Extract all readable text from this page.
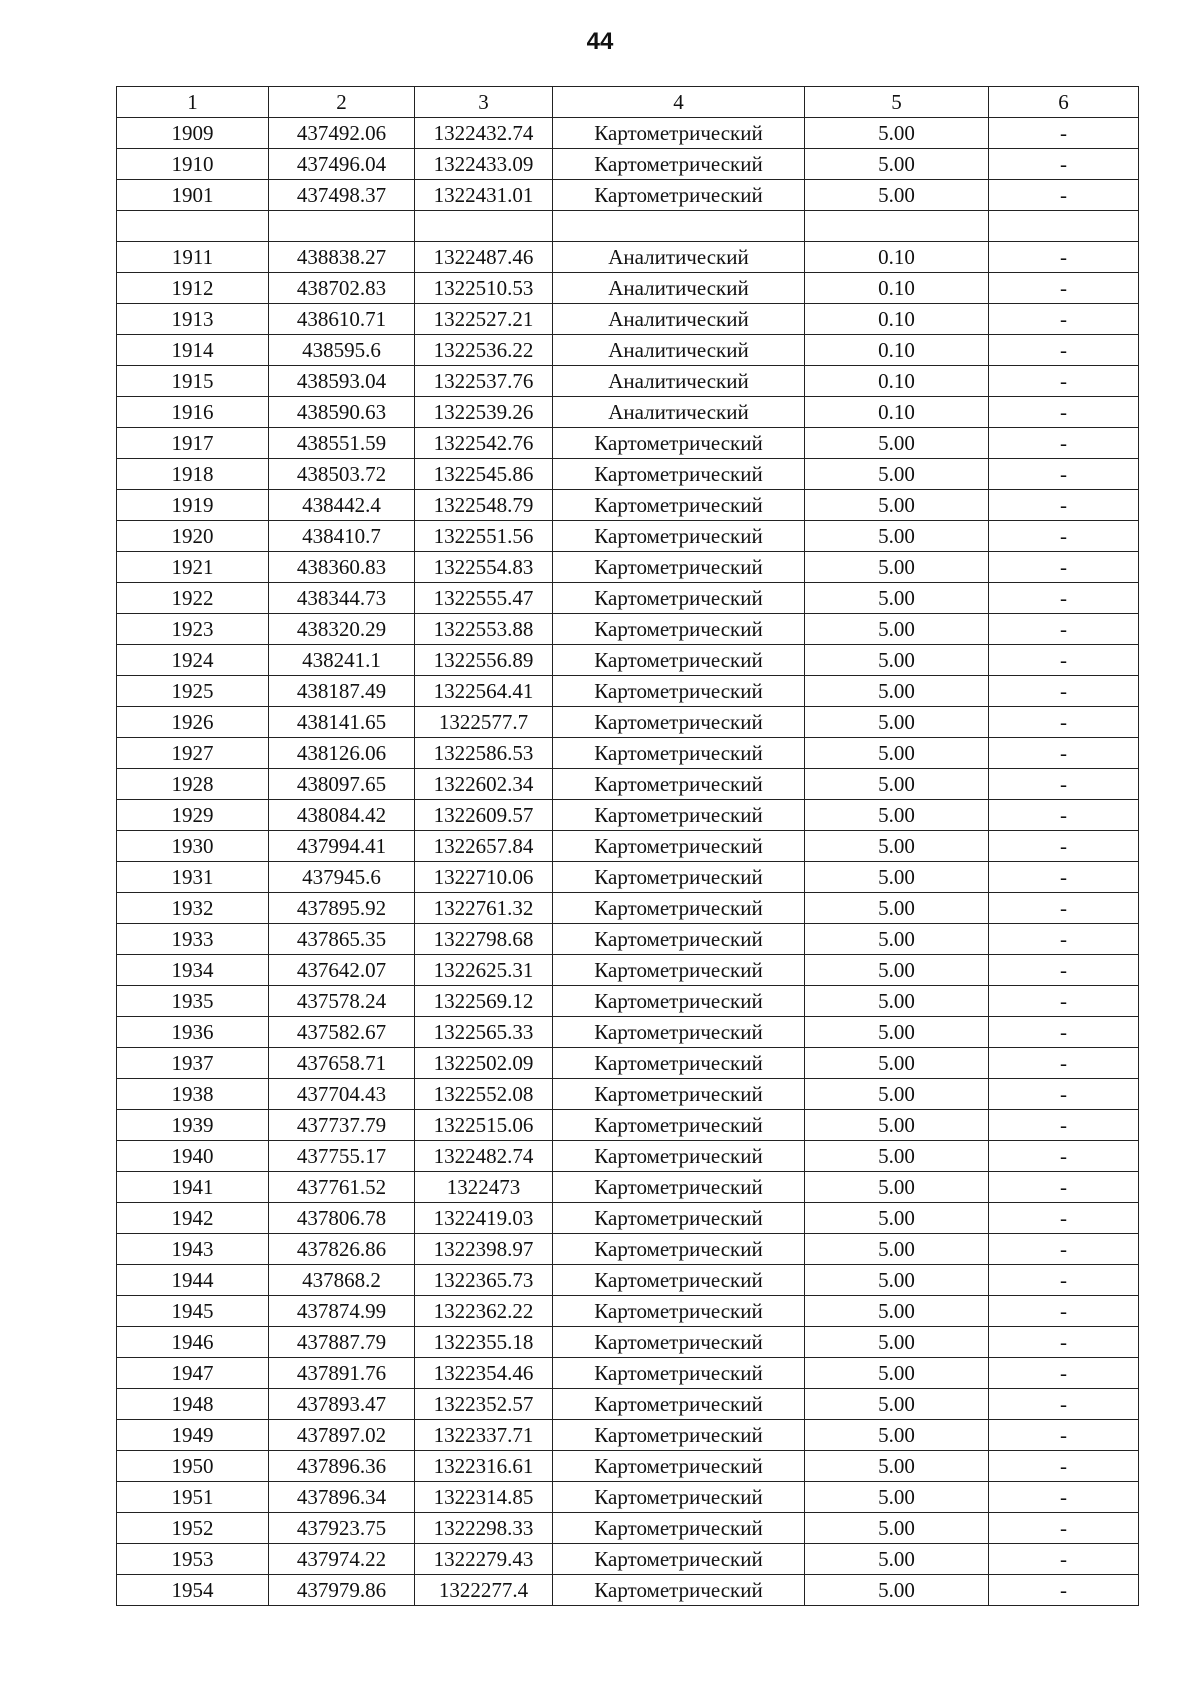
44
1	2	3	4	5	6
1909	437492.06	1322432.74	Картометрический	5.00	-
1910	437496.04	1322433.09	Картометрический	5.00	-
1901	437498.37	1322431.01	Картометрический	5.00	-

1911	438838.27	1322487.46	Аналитический	0.10	-
1912	438702.83	1322510.53	Аналитический	0.10	-
1913	438610.71	1322527.21	Аналитический	0.10	-
1914	438595.6	1322536.22	Аналитический	0.10	-
1915	438593.04	1322537.76	Аналитический	0.10	-
1916	438590.63	1322539.26	Аналитический	0.10	-
1917	438551.59	1322542.76	Картометрический	5.00	-
1918	438503.72	1322545.86	Картометрический	5.00	-
1919	438442.4	1322548.79	Картометрический	5.00	-
1920	438410.7	1322551.56	Картометрический	5.00	-
1921	438360.83	1322554.83	Картометрический	5.00	-
1922	438344.73	1322555.47	Картометрический	5.00	-
1923	438320.29	1322553.88	Картометрический	5.00	-
1924	438241.1	1322556.89	Картометрический	5.00	-
1925	438187.49	1322564.41	Картометрический	5.00	-
1926	438141.65	1322577.7	Картометрический	5.00	-
1927	438126.06	1322586.53	Картометрический	5.00	-
1928	438097.65	1322602.34	Картометрический	5.00	-
1929	438084.42	1322609.57	Картометрический	5.00	-
1930	437994.41	1322657.84	Картометрический	5.00	-
1931	437945.6	1322710.06	Картометрический	5.00	-
1932	437895.92	1322761.32	Картометрический	5.00	-
1933	437865.35	1322798.68	Картометрический	5.00	-
1934	437642.07	1322625.31	Картометрический	5.00	-
1935	437578.24	1322569.12	Картометрический	5.00	-
1936	437582.67	1322565.33	Картометрический	5.00	-
1937	437658.71	1322502.09	Картометрический	5.00	-
1938	437704.43	1322552.08	Картометрический	5.00	-
1939	437737.79	1322515.06	Картометрический	5.00	-
1940	437755.17	1322482.74	Картометрический	5.00	-
1941	437761.52	1322473	Картометрический	5.00	-
1942	437806.78	1322419.03	Картометрический	5.00	-
1943	437826.86	1322398.97	Картометрический	5.00	-
1944	437868.2	1322365.73	Картометрический	5.00	-
1945	437874.99	1322362.22	Картометрический	5.00	-
1946	437887.79	1322355.18	Картометрический	5.00	-
1947	437891.76	1322354.46	Картометрический	5.00	-
1948	437893.47	1322352.57	Картометрический	5.00	-
1949	437897.02	1322337.71	Картометрический	5.00	-
1950	437896.36	1322316.61	Картометрический	5.00	-
1951	437896.34	1322314.85	Картометрический	5.00	-
1952	437923.75	1322298.33	Картометрический	5.00	-
1953	437974.22	1322279.43	Картометрический	5.00	-
1954	437979.86	1322277.4	Картометрический	5.00	-
